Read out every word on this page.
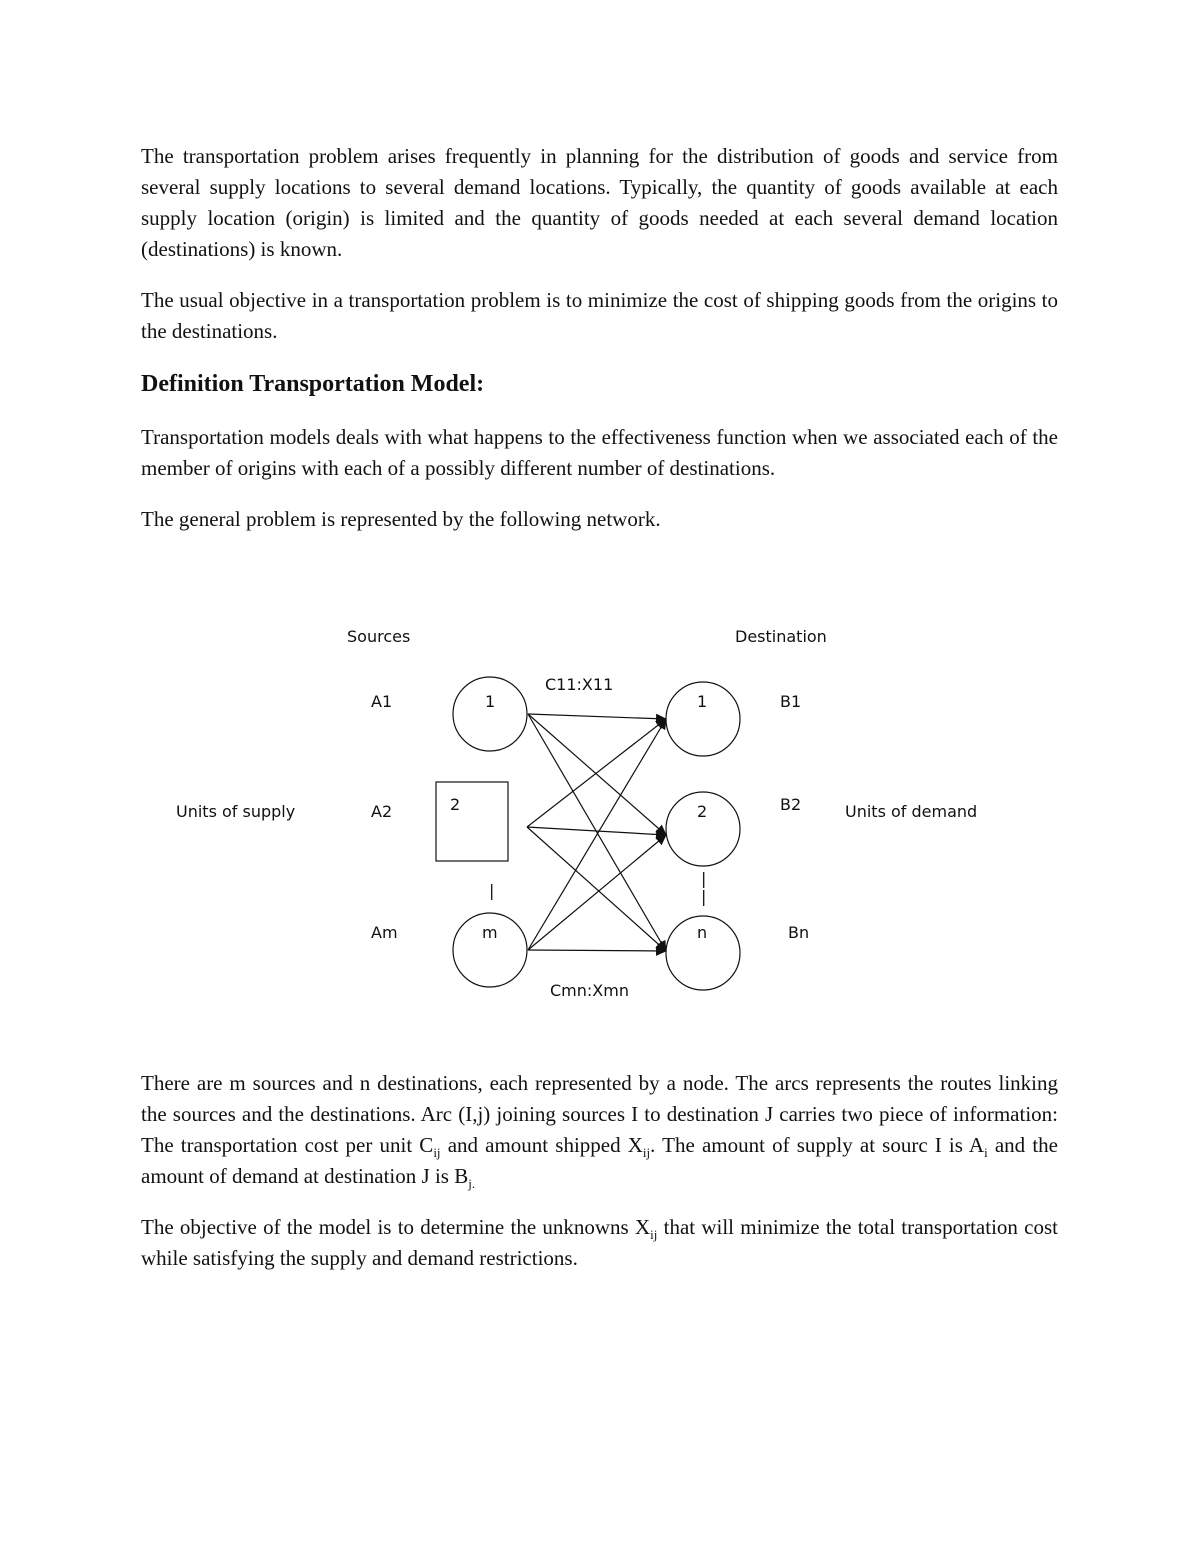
The transportation problem arises frequently in planning for the distribution of goods and service from several supply locations to several demand locations. Typically, the quantity of goods available at each supply location (origin) is limited and the quantity of goods needed at each several demand location (destinations) is known.

The usual objective in a transportation problem is to minimize the cost of shipping goods from the origins to the destinations.

Definition Transportation Model:

Transportation models deals with what happens to the effectiveness function when we associated each of the member of origins with each of a possibly different number of destinations.

The general problem is represented by the following network.

Sources	Destination
Units of supply	Units of demand
A1
A2
Am
B1
B2
Bn
C11:X11
Cmn:Xmn
1
2
|
m
1
2
|
|
n

There are m sources and n destinations, each represented by a node. The arcs represents the routes linking the sources and the destinations. Arc (I,j) joining sources I to destination J carries two piece of information: The transportation cost per unit $C_{ij}$ and amount shipped $X_{ij}$. The amount of supply at sourc I is $A_i$ and the amount of demand at destination J is $B_{j.}$

The objective of the model is to determine the unknowns $X_{ij}$ that will minimize the total transportation cost while satisfying the supply and demand restrictions.
